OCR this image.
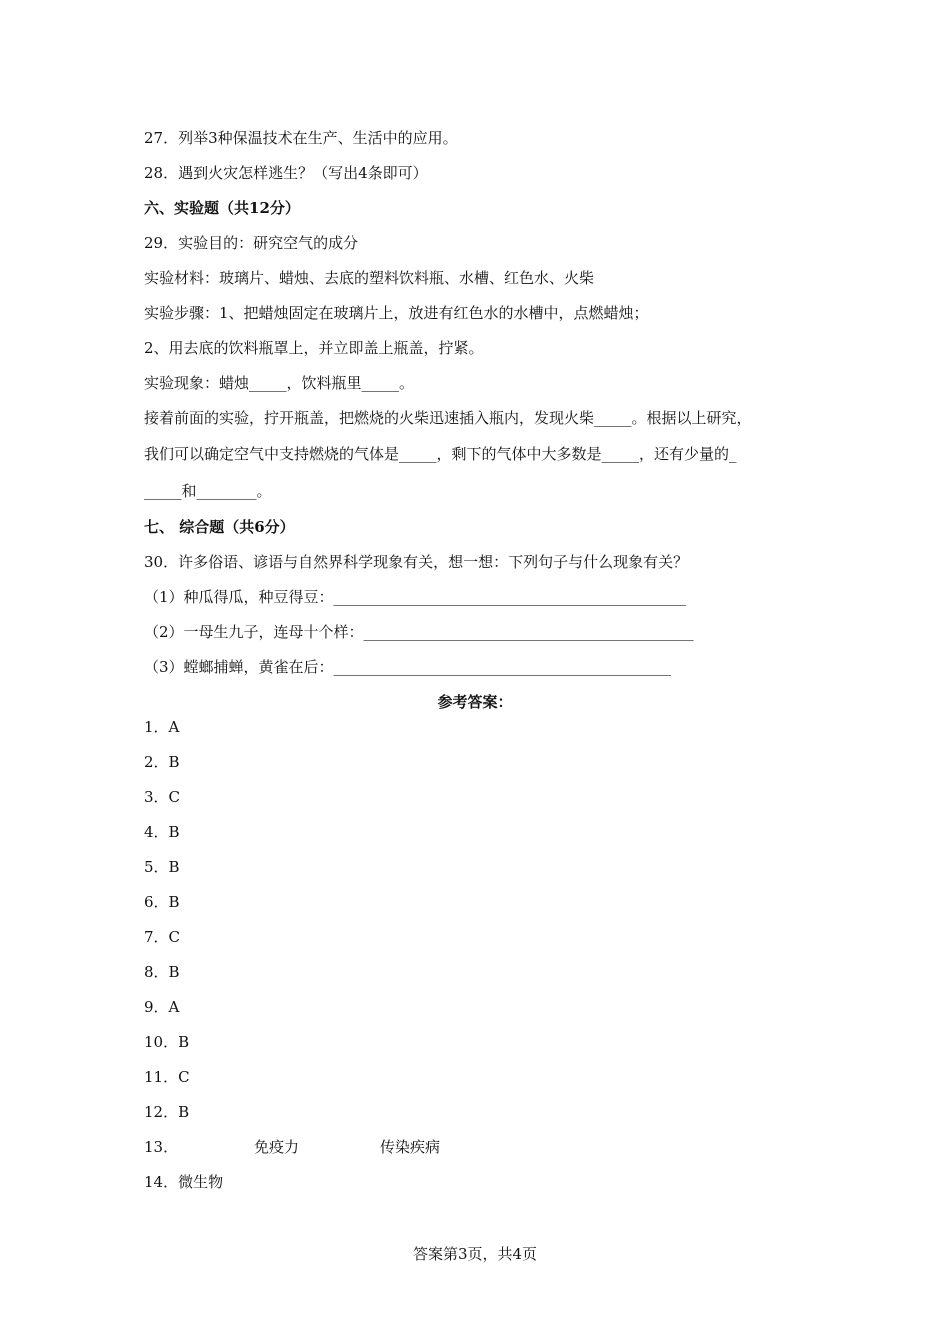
27．列举3种保温技术在生产、生活中的应用。
28．遇到火灾怎样逃生？（写出4条即可）
六、实验题（共12分）
29．实验目的：研究空气的成分
实验材料：玻璃片、蜡烛、去底的塑料饮料瓶、水槽、红色水、火柴
实验步骤：1、把蜡烛固定在玻璃片上，放进有红色水的水槽中，点燃蜡烛；
2、用去底的饮料瓶罩上，并立即盖上瓶盖，拧紧。
实验现象：蜡烛_____，饮料瓶里_____。
接着前面的实验，拧开瓶盖，把燃烧的火柴迅速插入瓶内，发现火柴_____。根据以上研究，
我们可以确定空气中支持燃烧的气体是_____，剩下的气体中大多数是_____，还有少量的_
_____和________。
七、 综合题（共6分）
30．许多俗语、谚语与自然界科学现象有关，想一想：下列句子与什么现象有关？
（1）种瓜得瓜，种豆得豆：_______________________________________________
（2）一母生九子，连母十个样：____________________________________________
（3）螳螂捕蝉，黄雀在后：_____________________________________________
参考答案：
1．A
2．B
3．C
4．B
5．B
6．B
7．C
8．B
9．A
10．B
11．C
12．B
13．	免疫力	传染疾病
14．微生物
答案第3页，共4页
